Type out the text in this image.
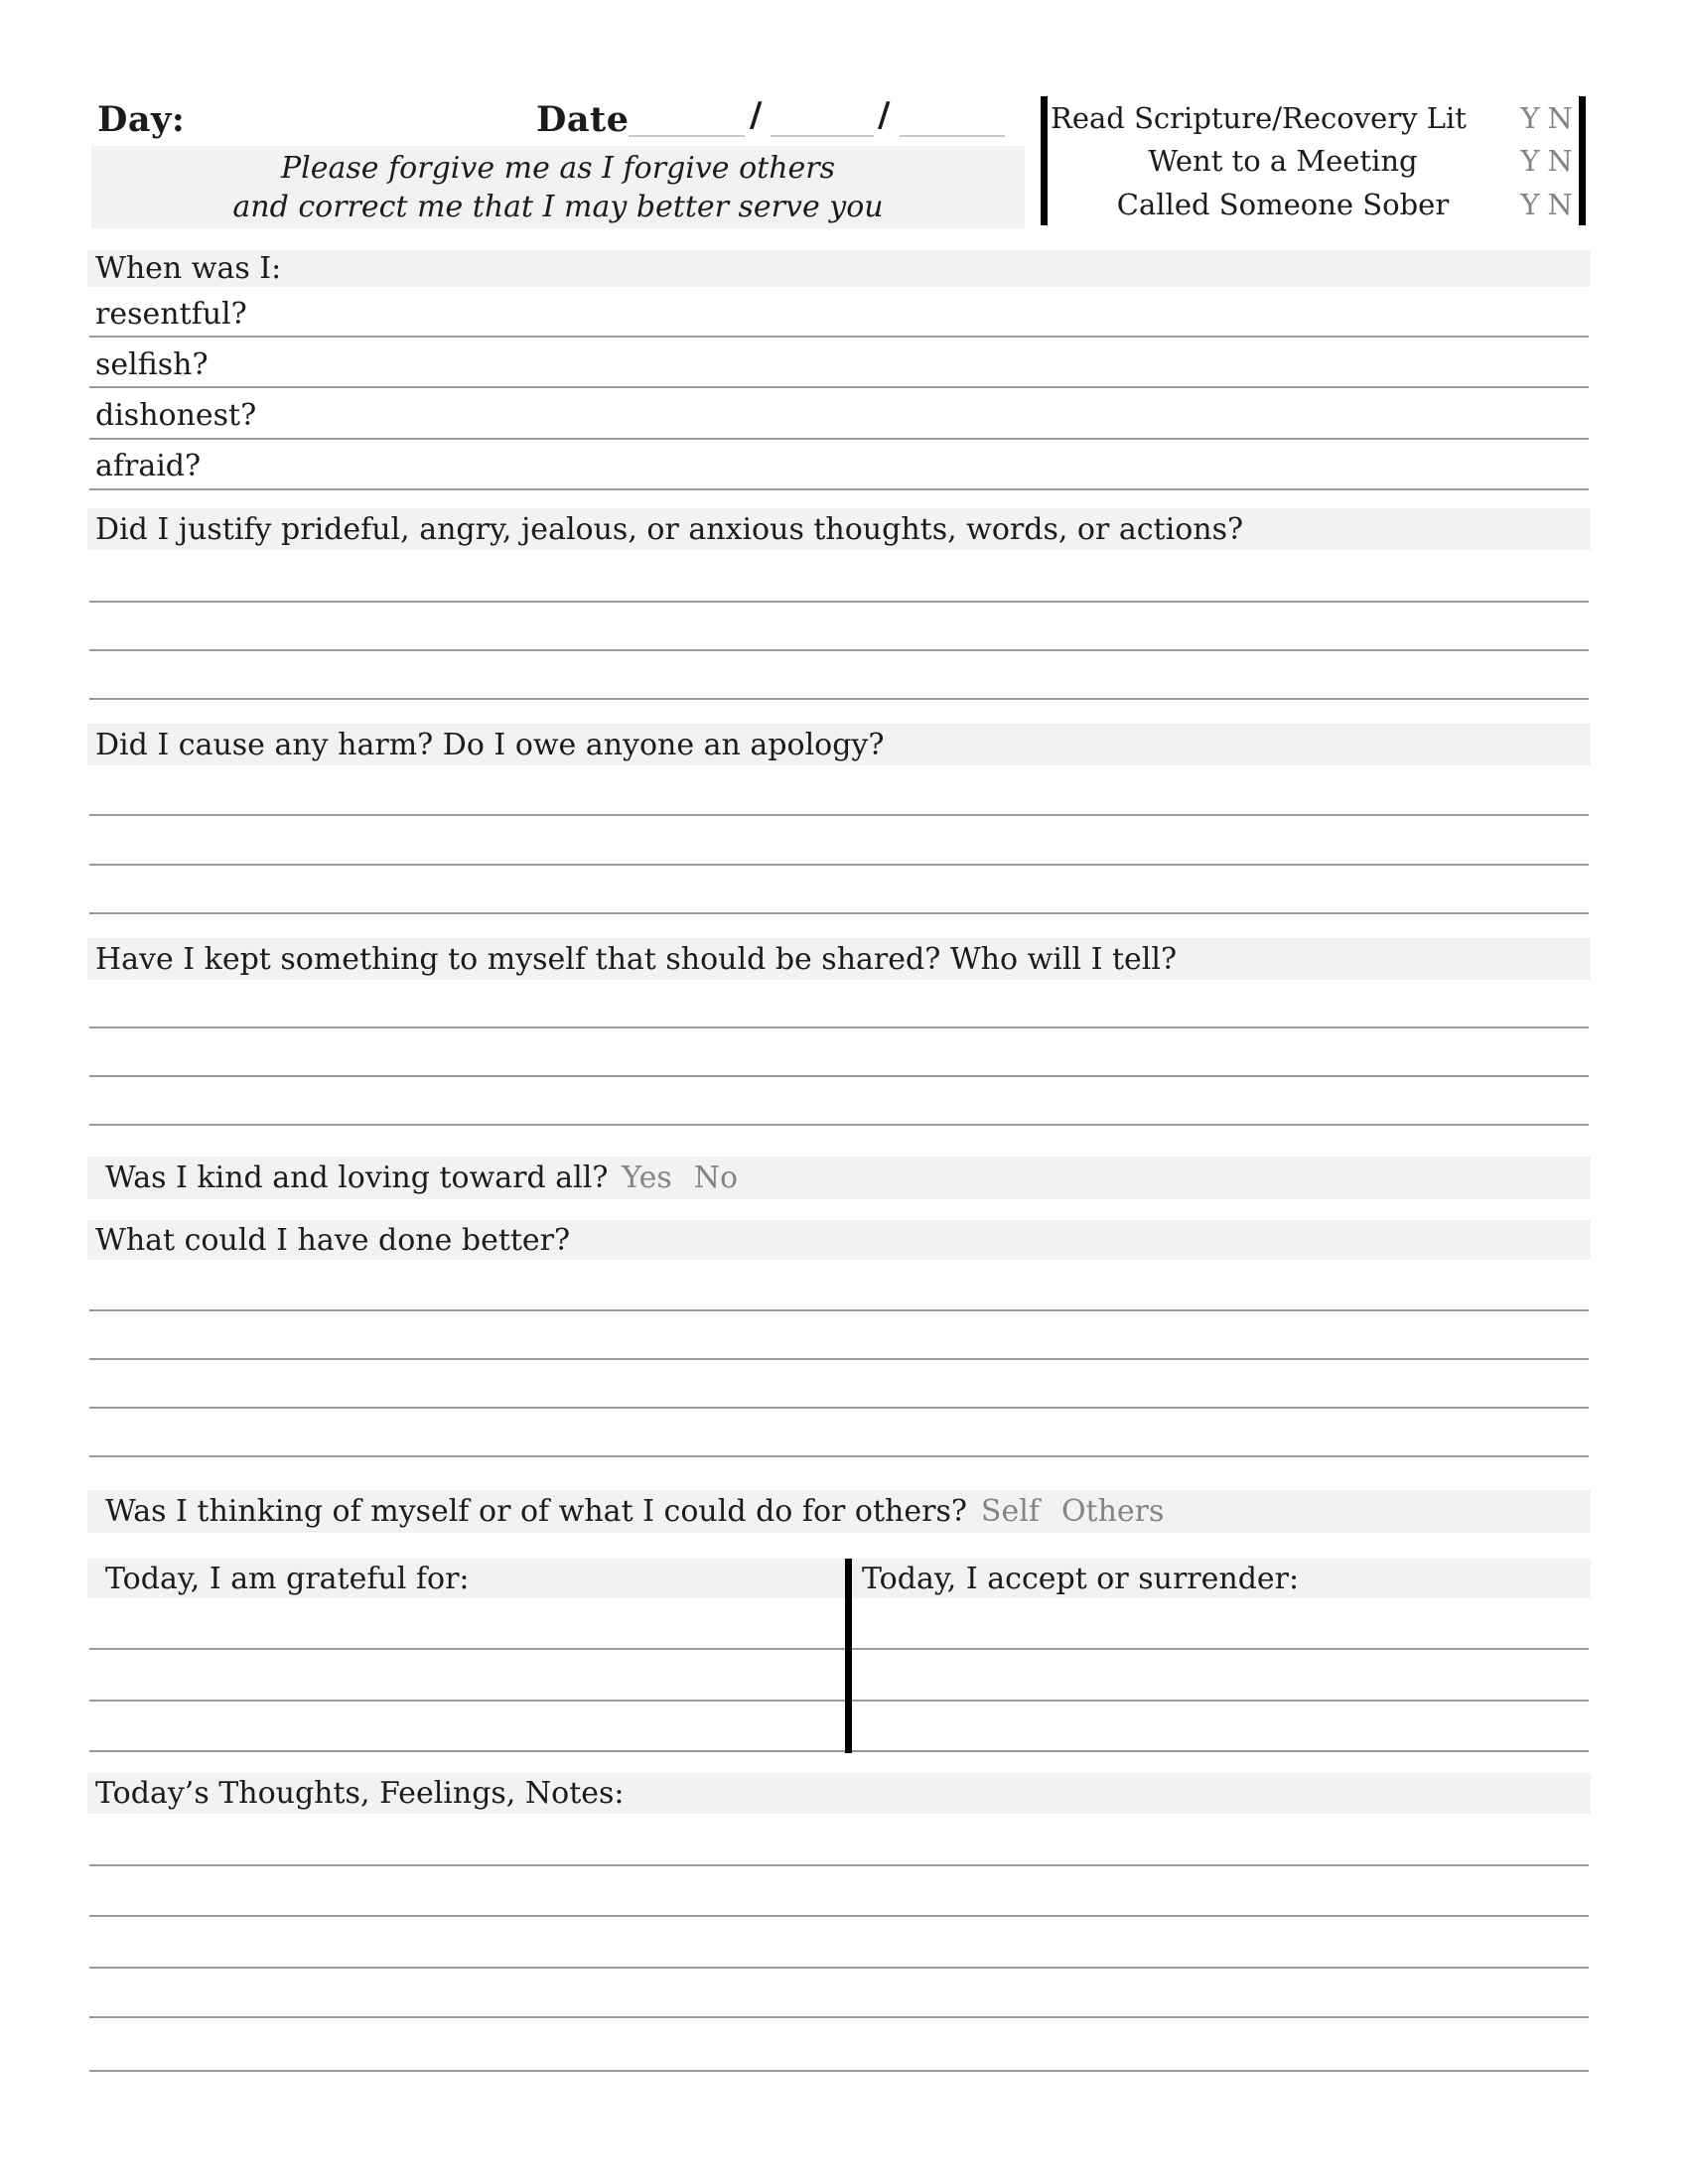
Day:	Date	/	/
Please forgive me as I forgive others
and correct me that I may better serve you
Read Scripture/Recovery Lit	Y N
Went to a Meeting	Y N
Called Someone Sober	Y N
When was I:
resentful?
selfish?
dishonest?
afraid?
Did I justify prideful, angry, jealous, or anxious thoughts, words, or actions?
Did I cause any harm? Do I owe anyone an apology?
Have I kept something to myself that should be shared? Who will I tell?
Was I kind and loving toward all? Yes No
What could I have done better?
Was I thinking of myself or of what I could do for others? Self Others
Today, I am grateful for:	Today, I accept or surrender:
Today’s Thoughts, Feelings, Notes:
